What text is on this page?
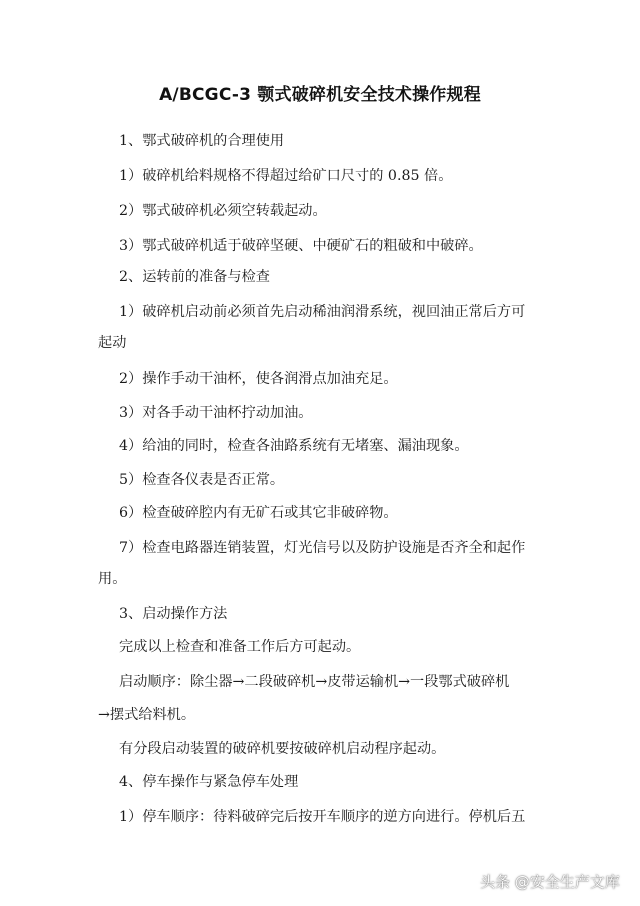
A/BCGC-3 颚式破碎机安全技术操作规程
1、鄂式破碎机的合理使用
1）破碎机给料规格不得超过给矿口尺寸的 0.85 倍。
2）鄂式破碎机必须空转载起动。
3）鄂式破碎机适于破碎坚硬、中硬矿石的粗破和中破碎。
2、运转前的准备与检查
1）破碎机启动前必须首先启动稀油润滑系统，视回油正常后方可
起动
2）操作手动干油杯，使各润滑点加油充足。
3）对各手动干油杯拧动加油。
4）给油的同时，检查各油路系统有无堵塞、漏油现象。
5）检查各仪表是否正常。
6）检查破碎腔内有无矿石或其它非破碎物。
7）检查电路器连销装置，灯光信号以及防护设施是否齐全和起作
用。
3、启动操作方法
完成以上检查和准备工作后方可起动。
启动顺序：除尘器→二段破碎机→皮带运输机→一段鄂式破碎机
→摆式给料机。
有分段启动装置的破碎机要按破碎机启动程序起动。
4、停车操作与紧急停车处理
1）停车顺序：待料破碎完后按开车顺序的逆方向进行。停机后五
头条 @安全生产文库
